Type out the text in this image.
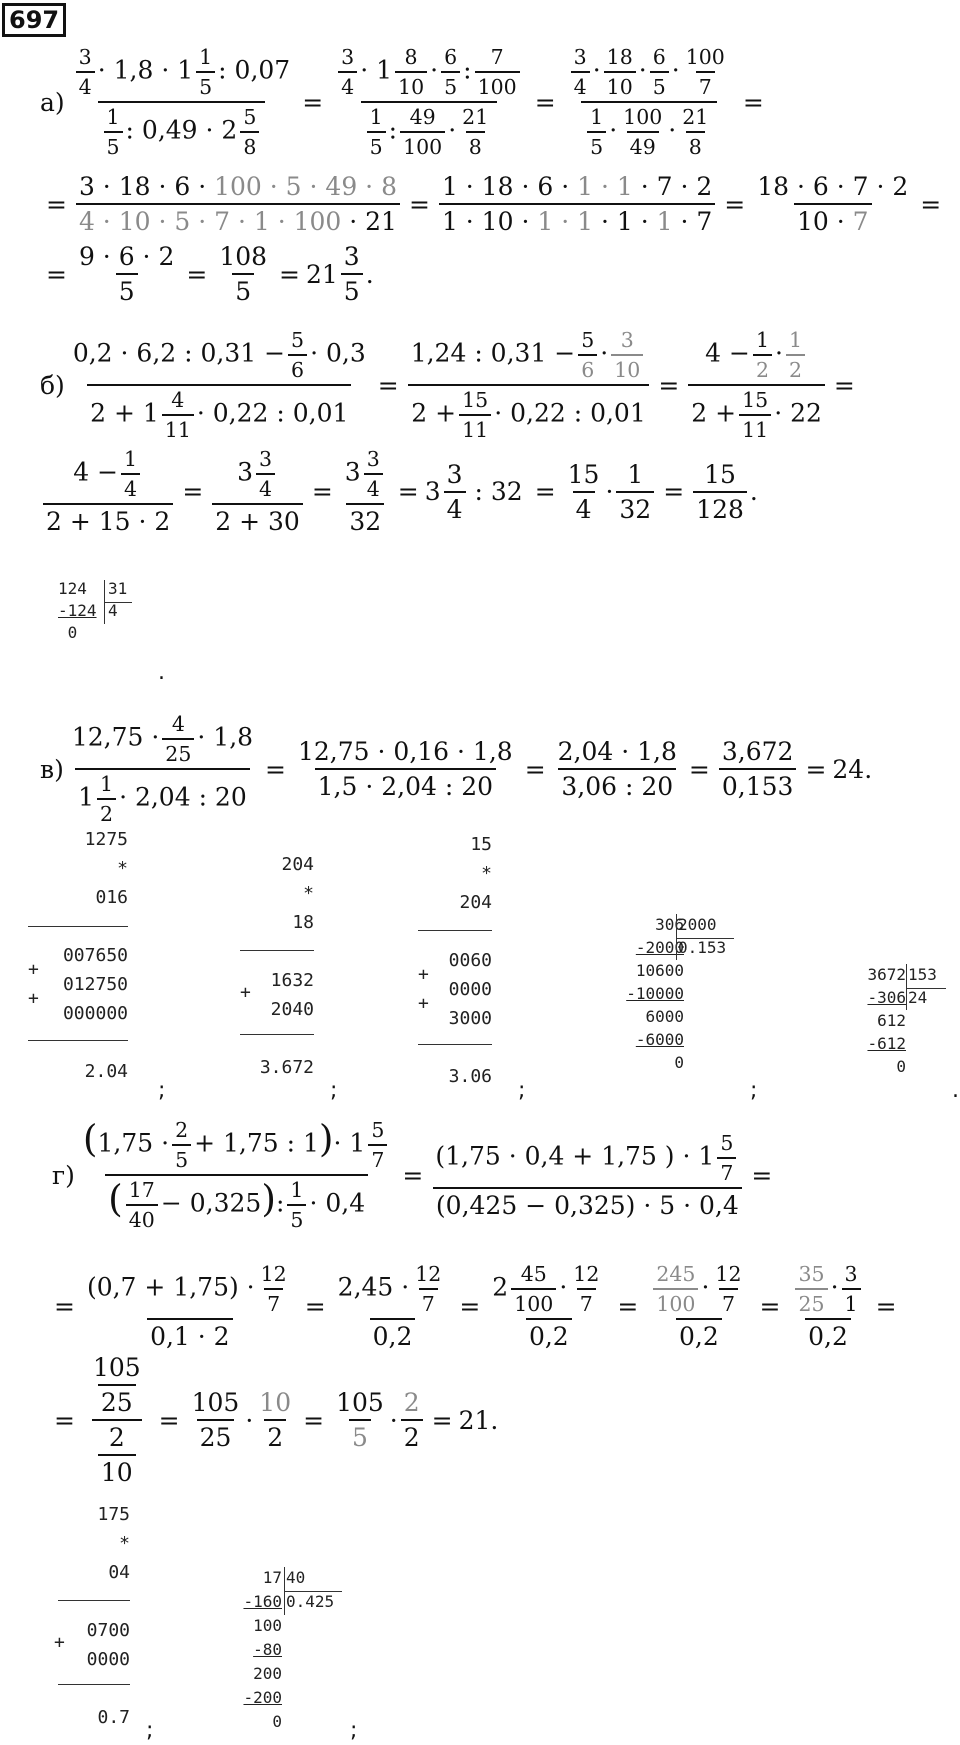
697
$а) \frac{\frac{3}{4} \cdot 1,8 \cdot 1 \frac{1}{5} : 0,07}{\frac{1}{5} : 0,49 \cdot 2 \frac{5}{8}} = \frac{\frac{3}{4} \cdot 1 \frac{8}{10} \cdot \frac{6}{5} : \frac{7}{100}}{\frac{1}{5} : \frac{49}{100} \cdot \frac{21}{8}} = \frac{\frac{3}{4} \cdot \frac{18}{10} \cdot \frac{6}{5} \cdot \frac{100}{7}}{\frac{1}{5} \cdot \frac{100}{49} \cdot \frac{21}{8}}$ =
= $\frac{3 \cdot 18 \cdot 6 \cdot 100 \cdot 5 \cdot 49 \cdot 8}{4 \cdot 10 \cdot 5 \cdot 7 \cdot 1 \cdot 100 \cdot 21} = \frac{1 \cdot 18 \cdot 6 \cdot 1 \cdot 1 \cdot 7 \cdot 2}{1 \cdot 10 \cdot 1 \cdot 1 \cdot 1 \cdot 1 \cdot 7} = \frac{18 \cdot 6 \cdot 7 \cdot 2}{10 \cdot 7}$ =
= $\frac{9 \cdot 6 \cdot 2}{5} = \frac{108}{5} = 21 \frac{3}{5}$ .
$б) \frac{0,2 \cdot 6,2 : 0,31 - \frac{5}{6} \cdot 0,3}{2 + 1 \frac{4}{11} \cdot 0,22 : 0,01} = \frac{1,24 : 0,31 - \frac{5}{6} \cdot \frac{3}{10}}{2 + \frac{15}{11} \cdot 0,22 : 0,01} = \frac{4 - \frac{1}{2} \cdot \frac{1}{2}}{2 + \frac{15}{11} \cdot 22}$ =
$\frac{4 - \frac{1}{4}}{2 + 15 \cdot 2} = \frac{3 \frac{3}{4}}{2 + 30} = \frac{3 \frac{3}{4}}{32} = 3 \frac{3}{4}$ : $32 = \frac{15}{4} \cdot \frac{1}{32} = \frac{15}{128}$ .
124
-124
0
31
4
.
$в) \frac{12,75 \cdot \frac{4}{25} \cdot 1,8}{1 \frac{1}{2} \cdot 2,04 : 20} = \frac{12,75 \cdot 0,16 \cdot 1,8}{1,5 \cdot 2,04 : 20} = \frac{2,04 \cdot 1,8}{3,06 : 20} = \frac{3,672}{0,153} = 24$.
1275
*
016

007650
012750
000000

2.04
+
+
;
204
*
18

1632
2040

3.672
+
;
15
*
204

0060
0000
3000

3.06
+
+
;
306
-2000
10600
-10000
6000
-6000
0
2000
0.153
;
3672
-306
612
-612
0
153
24
.
$г) \frac{(1,75 \cdot \frac{2}{5} + 1,75 : 1)\cdot 1 \frac{5}{7}}{( \frac{17}{40} - 0,325): \frac{1}{5} \cdot 0,4} = \frac{(1,75 \cdot 0,4 + 1,75 ) \cdot 1 \frac{5}{7}}{(0,425 - 0,325) \cdot 5 \cdot 0,4}$ =
= $\frac{(0,7 + 1,75) \cdot \frac{12}{7}}{0,1 \cdot 2} = \frac{2,45 \cdot \frac{12}{7}}{0,2} = \frac{2 \frac{45}{100} \cdot \frac{12}{7}}{0,2} = \frac{\frac{245}{100} \cdot \frac{12}{7}}{0,2} = \frac{\frac{35}{25} \cdot \frac{3}{1}}{0,2}$ =
= $\frac{\frac{105}{25}}{\frac{2}{10}} = \frac{105}{25} \cdot \frac{10}{2} = \frac{105}{5} \cdot \frac{2}{2} = 21$.
175
*
04

0700
0000

0.7
+
;
17
-160
100
-80
200
-200
0
40
0.425
;
